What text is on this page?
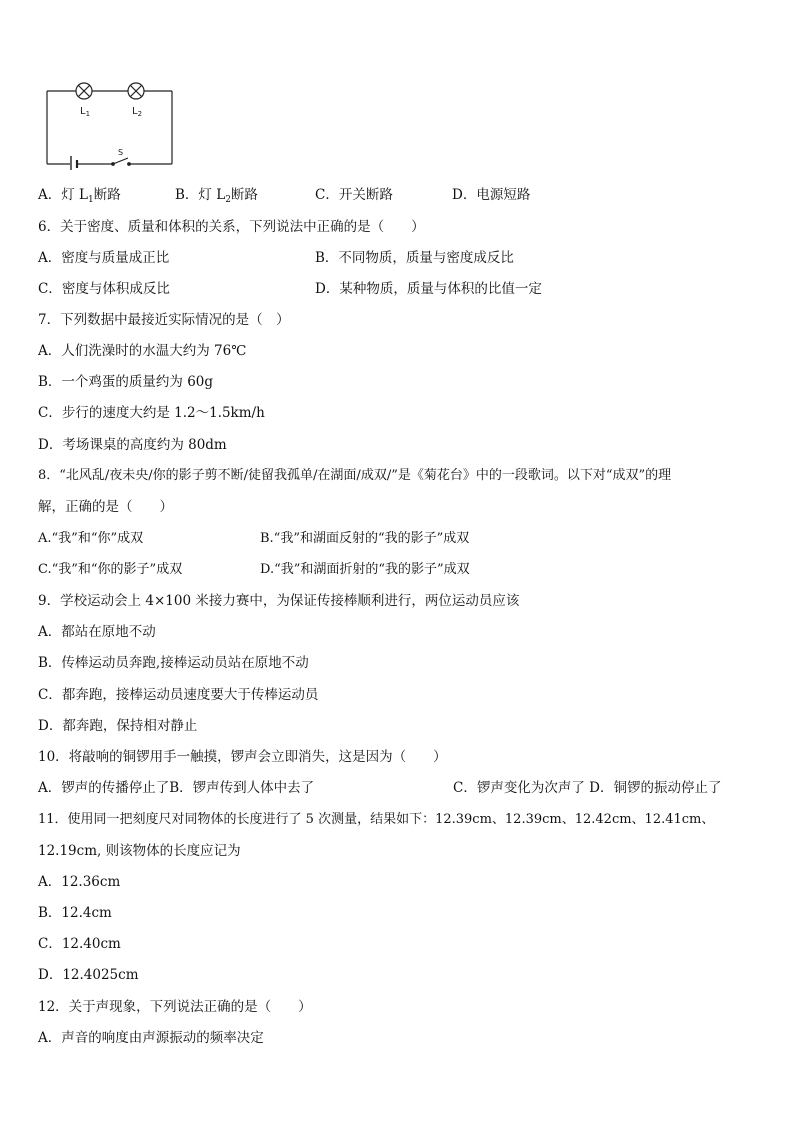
$L_1$	$L_2$
S
A．灯 $L_1$断路	B．灯 $L_2$断路	C．开关断路	D．电源短路
6．关于密度、质量和体积的关系，下列说法中正确的是（　　）
A．密度与质量成正比	B．不同物质，质量与密度成反比
C．密度与体积成反比	D．某种物质，质量与体积的比值一定
7．下列数据中最接近实际情况的是（　）
A．人们洗澡时的水温大约为 76℃
B．一个鸡蛋的质量约为 60g
C．步行的速度大约是 1.2～1.5km/h
D．考场课桌的高度约为 80dm
8．“北风乱/夜未央/你的影子剪不断/徒留我孤单/在湖面/成双/”是《菊花台》中的一段歌词。以下对“成双”的理
解，正确的是（　　）
A.“我”和“你”成双	B.“我”和湖面反射的“我的影子”成双
C.“我”和“你的影子”成双	D.“我”和湖面折射的“我的影子”成双
9．学校运动会上 4×100 米接力赛中，为保证传接棒顺利进行，两位运动员应该
A．都站在原地不动
B．传棒运动员奔跑,接棒运动员站在原地不动
C．都奔跑，接棒运动员速度要大于传棒运动员
D．都奔跑，保持相对静止
10．将敲响的铜锣用手一触摸，锣声会立即消失，这是因为（　　）
A．锣声的传播停止了B．锣声传到人体中去了	C．锣声变化为次声了 D．铜锣的振动停止了
11．使用同一把刻度尺对同物体的长度进行了 5 次测量，结果如下：12.39cm、12.39cm、12.42cm、12.41cm、
12.19cm, 则该物体的长度应记为
A．12.36cm
B．12.4cm
C．12.40cm
D．12.4025cm
12．关于声现象，下列说法正确的是（　　）
A．声音的响度由声源振动的频率决定
